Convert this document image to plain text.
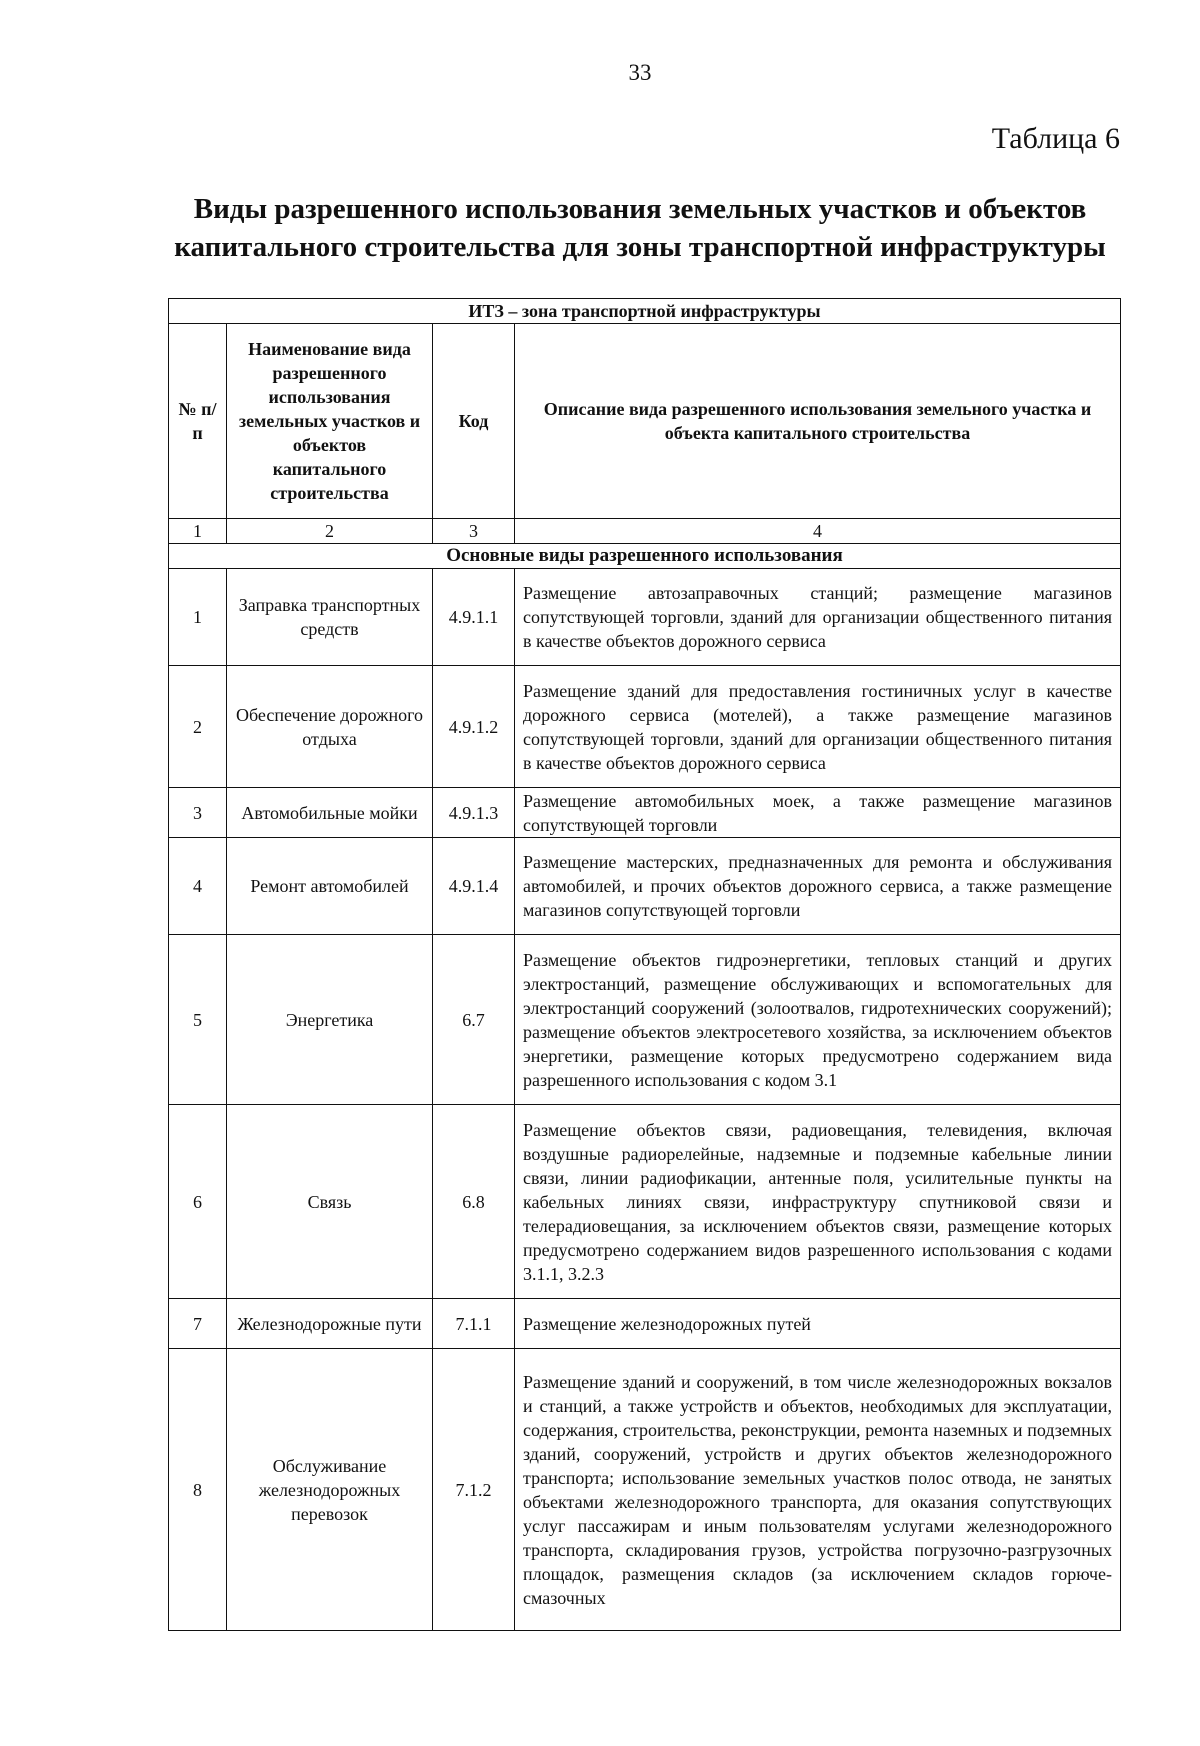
33
Таблица 6
Виды разрешенного использования земельных участков и объектов
капитального строительства для зоны транспортной инфраструктуры
ИТЗ – зона транспортной инфраструктуры			
№ п/п	Наименование вида разрешенного использования земельных участков и объектов капитального строительства	Код	Описание вида разрешенного использования земельного участка и объекта капитального строительства
1	2	3	4
Основные виды разрешенного использования			
1	Заправка транспортных средств	4.9.1.1	Размещение автозаправочных станций; размещение магазинов сопутствующей торговли, зданий для организации общественного питания в качестве объектов дорожного сервиса
2	Обеспечение дорожного отдыха	4.9.1.2	Размещение зданий для предоставления гостиничных услуг в качестве дорожного сервиса (мотелей), а также размещение магазинов сопутствующей торговли, зданий для организации общественного питания в качестве объектов дорожного сервиса
3	Автомобильные мойки	4.9.1.3	Размещение автомобильных моек, а также размещение магазинов сопутствующей торговли
4	Ремонт автомобилей	4.9.1.4	Размещение мастерских, предназначенных для ремонта и обслуживания автомобилей, и прочих объектов дорожного сервиса, а также размещение магазинов сопутствующей торговли
5	Энергетика	6.7	Размещение объектов гидроэнергетики, тепловых станций и других электростанций, размещение обслуживающих и вспомогательных для электростанций сооружений (золоотвалов, гидротехнических сооружений); размещение объектов электросетевого хозяйства, за исключением объектов энергетики, размещение которых предусмотрено содержанием вида разрешенного использования с кодом 3.1
6	Связь	6.8	Размещение объектов связи, радиовещания, телевидения, включая воздушные радиорелейные, надземные и подземные кабельные линии связи, линии радиофикации, антенные поля, усилительные пункты на кабельных линиях связи, инфраструктуру спутниковой связи и телерадиовещания, за исключением объектов связи, размещение которых предусмотрено содержанием видов разрешенного использования с кодами 3.1.1, 3.2.3
7	Железнодорожные пути	7.1.1	Размещение железнодорожных путей
8	Обслуживание железнодорожных перевозок	7.1.2	Размещение зданий и сооружений, в том числе железнодорожных вокзалов и станций, а также устройств и объектов, необходимых для эксплуатации, содержания, строительства, реконструкции, ремонта наземных и подземных зданий, сооружений, устройств и других объектов железнодорожного транспорта; использование земельных участков полос отвода, не занятых объектами железнодорожного транспорта, для оказания сопутствующих услуг пассажирам и иным пользователям услугами железнодорожного транспорта, складирования грузов, устройства погрузочно-разгрузочных площадок, размещения складов (за исключением складов горюче-смазочных
